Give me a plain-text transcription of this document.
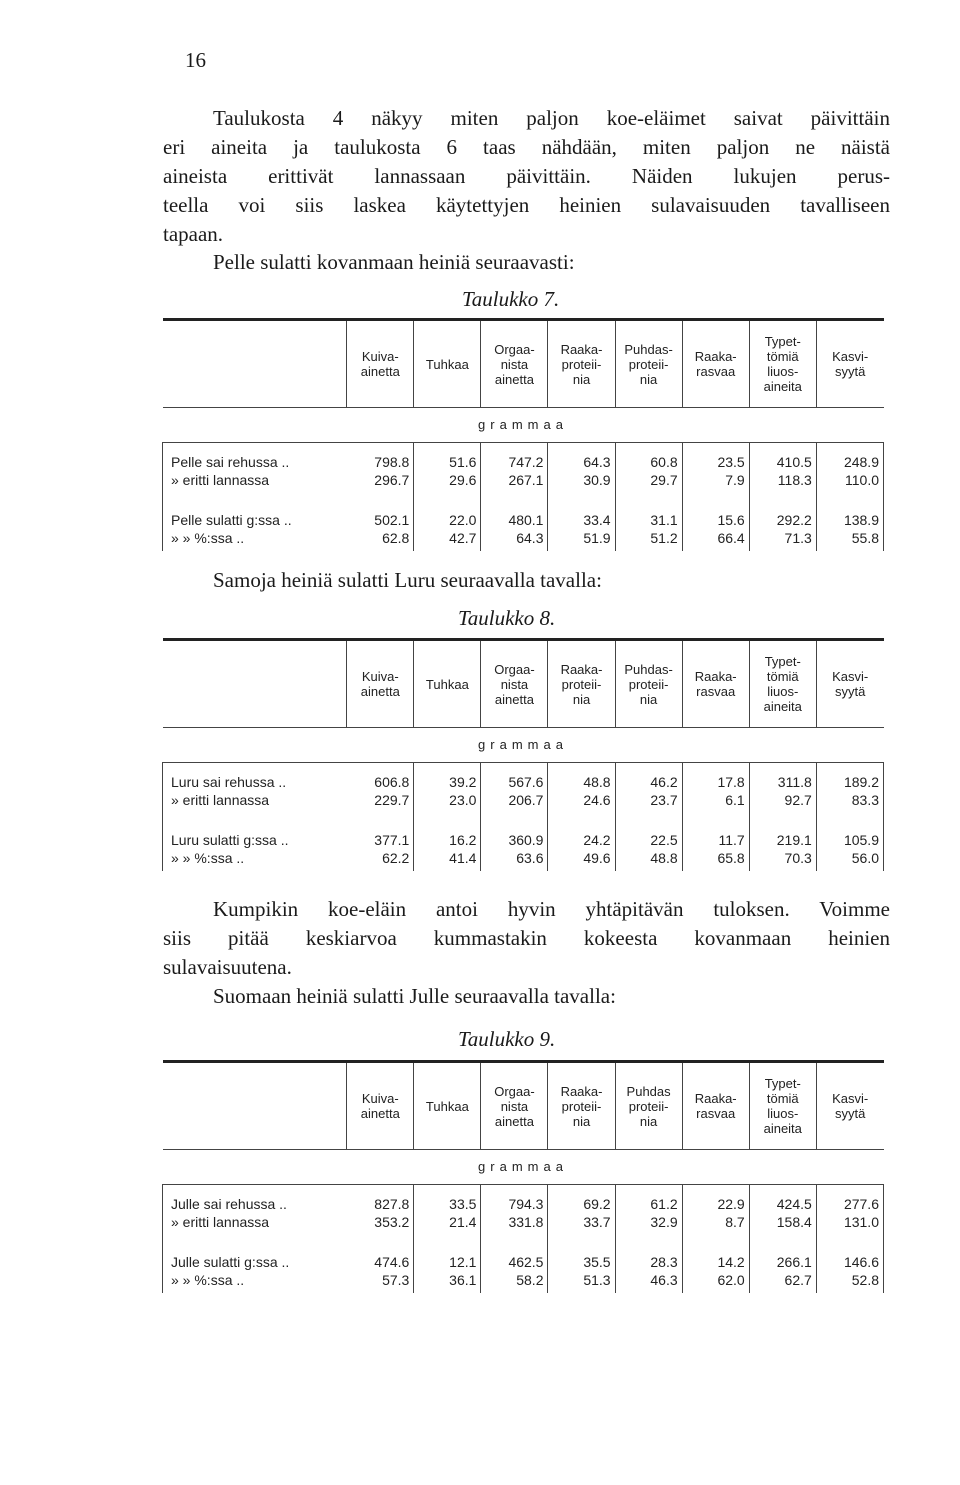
16

Taulukosta 4 näkyy miten paljon koe-eläimet saivat päivittäin
eri aineita ja taulukosta 6 taas nähdään, miten paljon ne näistä
aineista erittivät lannassaan päivittäin. Näiden lukujen perus-
teella voi siis laskea käytettyjen heinien sulavaisuuden tavalliseen
tapaan.

Pelle sulatti kovanmaan heiniä seuraavasti:

Taulukko 7.

	Kuiva-
ainetta	Tuhkaa	Orgaa-
nista
ainetta	Raaka-
proteii-
nia	Puhdas-
proteii-
nia	Raaka-
rasvaa	Typet-
tömiä
liuos-
aineita	Kasvi-
syytä

grammaa								
Pelle sai rehussa ..	798.8	51.6	747.2	64.3	60.8	23.5	410.5	248.9
» eritti lannassa	296.7	29.6	267.1	30.9	29.7	7.9	118.3	110.0
Pelle sulatti g:ssa ..	502.1	22.0	480.1	33.4	31.1	15.6	292.2	138.9
» » %:ssa ..	62.8	42.7	64.3	51.9	51.2	66.4	71.3	55.8

Samoja heiniä sulatti Luru seuraavalla tavalla:

Taulukko 8.

	Kuiva-
ainetta	Tuhkaa	Orgaa-
nista
ainetta	Raaka-
proteii-
nia	Puhdas-
proteii-
nia	Raaka-
rasvaa	Typet-
tömiä
liuos-
aineita	Kasvi-
syytä

grammaa								
Luru sai rehussa ..	606.8	39.2	567.6	48.8	46.2	17.8	311.8	189.2
» eritti lannassa	229.7	23.0	206.7	24.6	23.7	6.1	92.7	83.3
Luru sulatti g:ssa ..	377.1	16.2	360.9	24.2	22.5	11.7	219.1	105.9
» » %:ssa ..	62.2	41.4	63.6	49.6	48.8	65.8	70.3	56.0

Kumpikin koe-eläin antoi hyvin yhtäpitävän tuloksen. Voimme
siis pitää keskiarvoa kummastakin kokeesta kovanmaan heinien
sulavaisuutena.

Suomaan heiniä sulatti Julle seuraavalla tavalla:

Taulukko 9.

	Kuiva-
ainetta	Tuhkaa	Orgaa-
nista
ainetta	Raaka-
proteii-
nia	Puhdas
proteii-
nia	Raaka-
rasvaa	Typet-
tömiä
liuos-
aineita	Kasvi-
syytä

grammaa								
Julle sai rehussa ..	827.8	33.5	794.3	69.2	61.2	22.9	424.5	277.6
» eritti lannassa	353.2	21.4	331.8	33.7	32.9	8.7	158.4	131.0
Julle sulatti g:ssa ..	474.6	12.1	462.5	35.5	28.3	14.2	266.1	146.6
» » %:ssa ..	57.3	36.1	58.2	51.3	46.3	62.0	62.7	52.8
